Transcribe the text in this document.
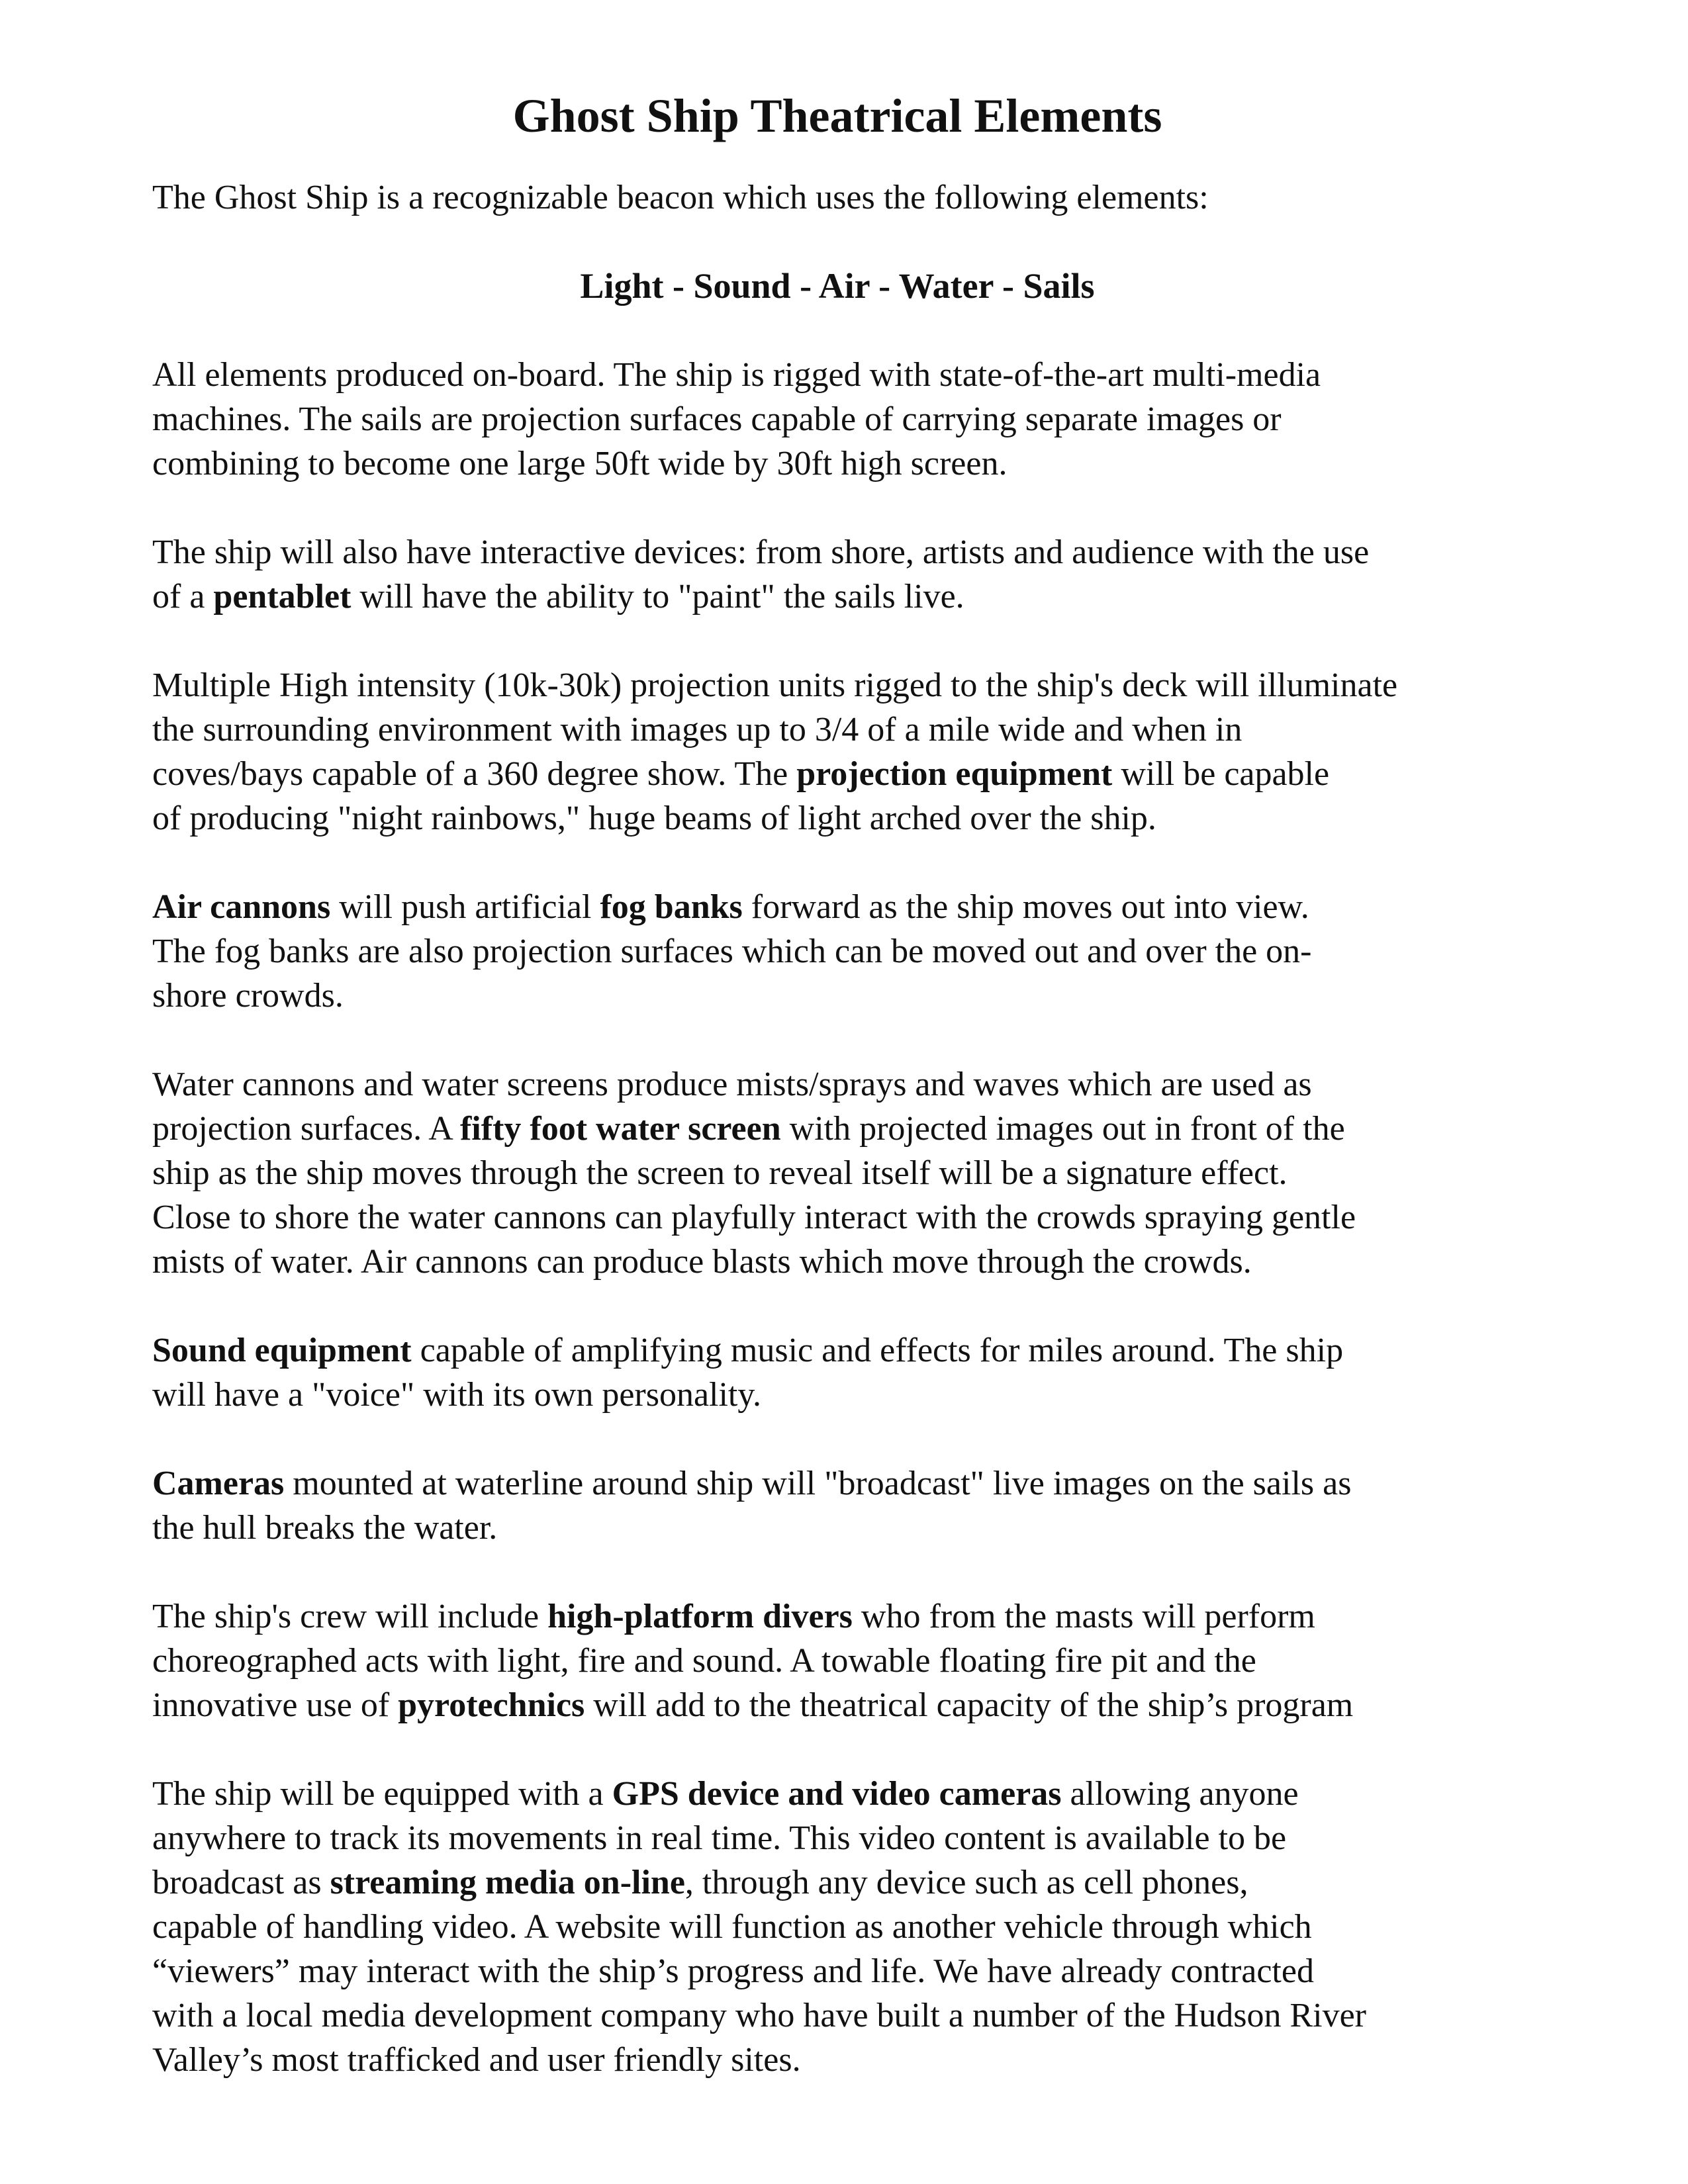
Ghost Ship Theatrical Elements
The Ghost Ship is a recognizable beacon which uses the following elements:
Light - Sound - Air - Water - Sails
All elements produced on-board. The ship is rigged with state-of-the-art multi-media
machines. The sails are projection surfaces capable of carrying separate images or
combining to become one large 50ft wide by 30ft high screen.
The ship will also have interactive devices: from shore, artists and audience with the use
of a pentablet will have the ability to "paint" the sails live.
Multiple High intensity (10k-30k) projection units rigged to the ship's deck will illuminate
the surrounding environment with images up to 3/4 of a mile wide and when in
coves/bays capable of a 360 degree show. The projection equipment will be capable
of producing "night rainbows," huge beams of light arched over the ship.
Air cannons will push artificial fog banks forward as the ship moves out into view.
The fog banks are also projection surfaces which can be moved out and over the on-
shore crowds.
Water cannons and water screens produce mists/sprays and waves which are used as
projection surfaces. A fifty foot water screen with projected images out in front of the
ship as the ship moves through the screen to reveal itself will be a signature effect.
Close to shore the water cannons can playfully interact with the crowds spraying gentle
mists of water. Air cannons can produce blasts which move through the crowds.
Sound equipment capable of amplifying music and effects for miles around. The ship
will have a "voice" with its own personality.
Cameras mounted at waterline around ship will "broadcast" live images on the sails as
the hull breaks the water.
The ship's crew will include high-platform divers who from the masts will perform
choreographed acts with light, fire and sound. A towable floating fire pit and the
innovative use of pyrotechnics will add to the theatrical capacity of the ship’s program
The ship will be equipped with a GPS device and video cameras allowing anyone
anywhere to track its movements in real time. This video content is available to be
broadcast as streaming media on-line, through any device such as cell phones,
capable of handling video. A website will function as another vehicle through which
“viewers” may interact with the ship’s progress and life. We have already contracted
with a local media development company who have built a number of the Hudson River
Valley’s most trafficked and user friendly sites.
